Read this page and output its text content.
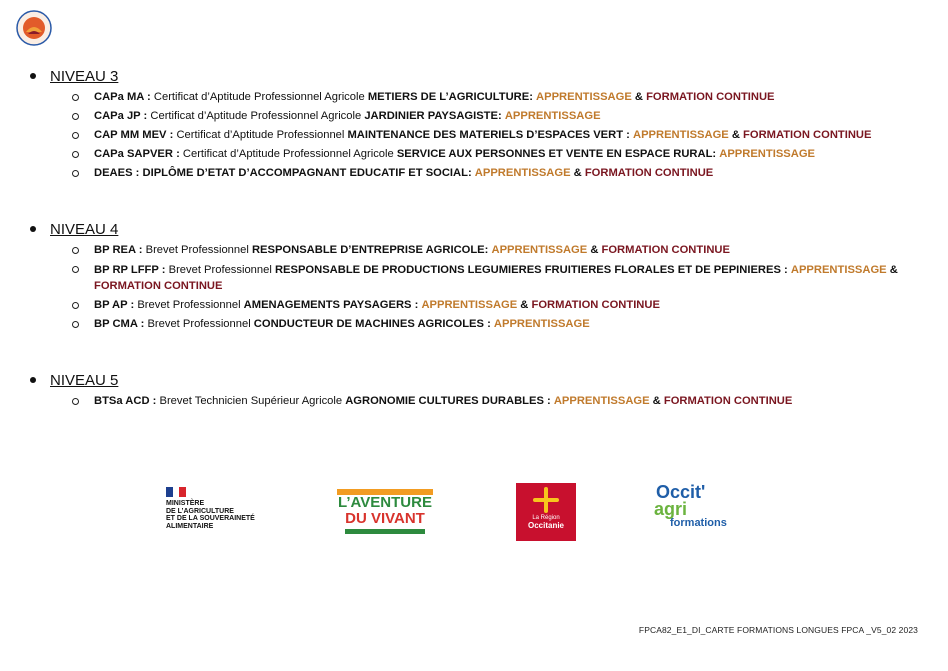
NIVEAU 3
CAPa MA : Certificat d’Aptitude Professionnel Agricole METIERS DE L’AGRICULTURE: APPRENTISSAGE & FORMATION CONTINUE
CAPa JP : Certificat d’Aptitude Professionnel Agricole JARDINIER PAYSAGISTE: APPRENTISSAGE
CAP MM MEV : Certificat d’Aptitude Professionnel MAINTENANCE DES MATERIELS D’ESPACES VERT : APPRENTISSAGE & FORMATION CONTINUE
CAPa SAPVER : Certificat d’Aptitude Professionnel Agricole SERVICE AUX PERSONNES ET VENTE EN ESPACE RURAL: APPRENTISSAGE
DEAES : DIPLÔME D’ETAT D’ACCOMPAGNANT EDUCATIF ET SOCIAL: APPRENTISSAGE & FORMATION CONTINUE
NIVEAU 4
BP REA : Brevet Professionnel RESPONSABLE D’ENTREPRISE AGRICOLE: APPRENTISSAGE & FORMATION CONTINUE
BP RP LFFP : Brevet Professionnel RESPONSABLE DE PRODUCTIONS LEGUMIERES FRUITIERES FLORALES ET DE PEPINIERES : APPRENTISSAGE & FORMATION CONTINUE
BP AP : Brevet Professionnel AMENAGEMENTS PAYSAGERS : APPRENTISSAGE & FORMATION CONTINUE
BP CMA : Brevet Professionnel CONDUCTEUR DE MACHINES AGRICOLES : APPRENTISSAGE
NIVEAU 5
BTSa ACD : Brevet Technicien Supérieur Agricole AGRONOMIE CULTURES DURABLES : APPRENTISSAGE & FORMATION CONTINUE
MINISTÈRE
DE L’AGRICULTURE
ET DE LA SOUVERAINETÉ
ALIMENTAIRE
L’AVENTURE
DU VIVANT	La Région
Occitanie
Occit'
agri
formations
FPCA82_E1_DI_CARTE FORMATIONS LONGUES FPCA _V5_02 2023
